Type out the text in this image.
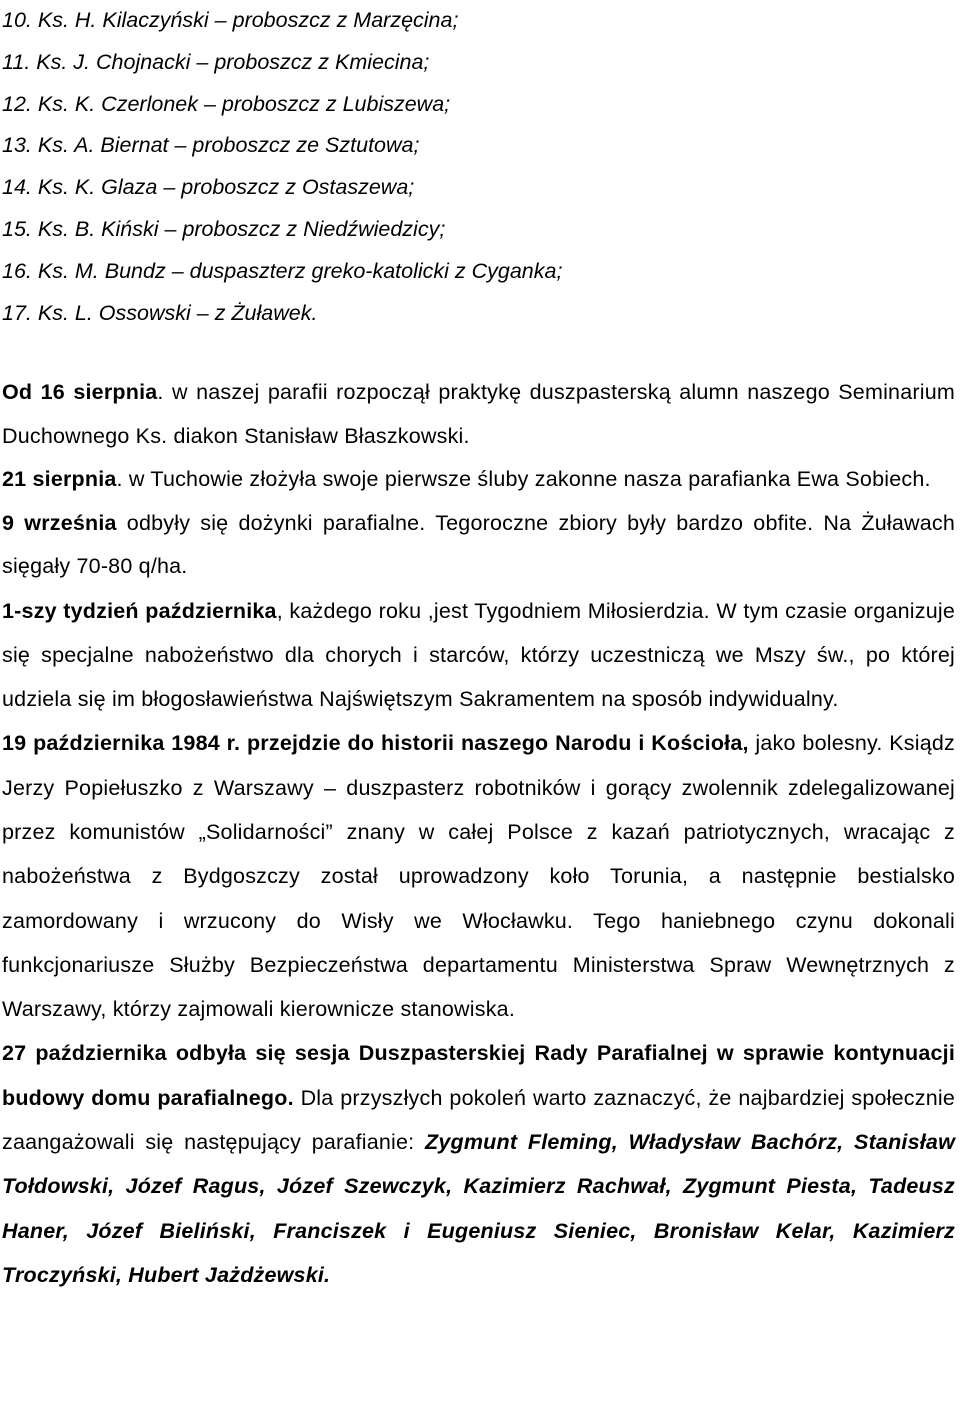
10. Ks. H. Kilaczyński – proboszcz z Marzęcina;
11. Ks. J. Chojnacki – proboszcz z Kmiecina;
12. Ks. K. Czerlonek – proboszcz z Lubiszewa;
13. Ks. A. Biernat – proboszcz ze Sztutowa;
14. Ks. K. Glaza – proboszcz z Ostaszewa;
15. Ks. B. Kiński – proboszcz z Niedźwiedzicy;
16. Ks. M. Bundz – duspaszterz greko-katolicki z Cyganka;
17. Ks. L. Ossowski – z Żuławek.

Od 16 sierpnia. w naszej parafii rozpoczął praktykę duszpasterską alumn naszego Seminarium Duchownego Ks. diakon Stanisław Błaszkowski.

21 sierpnia. w Tuchowie złożyła swoje pierwsze śluby zakonne nasza parafianka Ewa Sobiech.

9 września odbyły się dożynki parafialne. Tegoroczne zbiory były bardzo obfite. Na Żuławach sięgały 70-80 q/ha.

1-szy tydzień października, każdego roku ,jest Tygodniem Miłosierdzia. W tym czasie organizuje się specjalne nabożeństwo dla chorych i starców, którzy uczestniczą we Mszy św., po której udziela się im błogosławieństwa Najświętszym Sakramentem na sposób indywidualny.

19 października 1984 r. przejdzie do historii naszego Narodu i Kościoła, jako bolesny. Ksiądz Jerzy Popiełuszko z Warszawy – duszpasterz robotników i gorący zwolennik zdelegalizowanej przez komunistów „Solidarności” znany w całej Polsce z kazań patriotycznych, wracając z nabożeństwa z Bydgoszczy został uprowadzony koło Torunia, a następnie bestialsko zamordowany i wrzucony do Wisły we Włocławku. Tego haniebnego czynu dokonali funkcjonariusze Służby Bezpieczeństwa departamentu Ministerstwa Spraw Wewnętrznych z Warszawy, którzy zajmowali kierownicze stanowiska.

27 października odbyła się sesja Duszpasterskiej Rady Parafialnej w sprawie kontynuacji budowy domu parafialnego. Dla przyszłych pokoleń warto zaznaczyć, że najbardziej społecznie zaangażowali się następujący parafianie: Zygmunt Fleming, Władysław Bachórz, Stanisław Tołdowski, Józef Ragus, Józef Szewczyk, Kazimierz Rachwał, Zygmunt Piesta, Tadeusz Haner, Józef Bieliński, Franciszek i Eugeniusz Sieniec, Bronisław Kelar, Kazimierz Troczyński, Hubert Jażdżewski.
